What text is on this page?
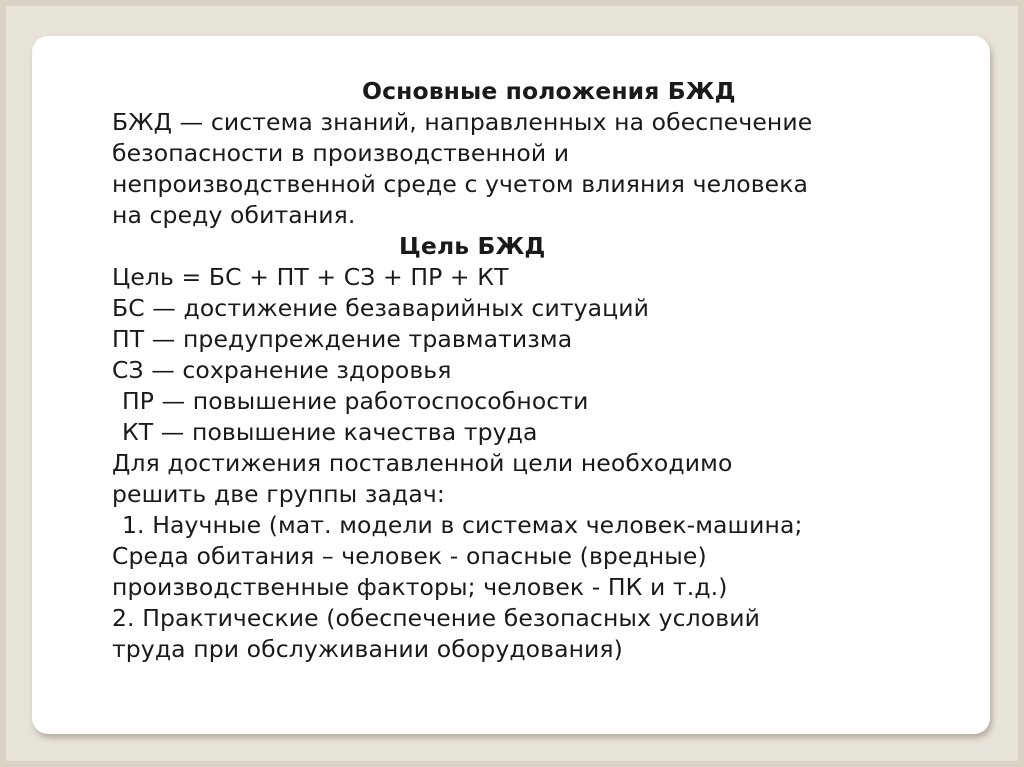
Основные положения БЖД
БЖД — система знаний, направленных на обеспечение
безопасности в производственной и
непроизводственной среде с учетом влияния человека
на среду обитания.
Цель БЖД
Цель = БС + ПТ + СЗ + ПР + КТ
БС — достижение безаварийных ситуаций
ПТ — предупреждение травматизма
СЗ — сохранение здоровья
ПР — повышение работоспособности
КТ — повышение качества труда
Для достижения поставленной цели необходимо
решить две группы задач:
1. Научные (мат. модели в системах человек-машина;
Среда обитания – человек - опасные (вредные)
производственные факторы; человек - ПК и т.д.)
2. Практические (обеспечение безопасных условий
труда при обслуживании оборудования)
